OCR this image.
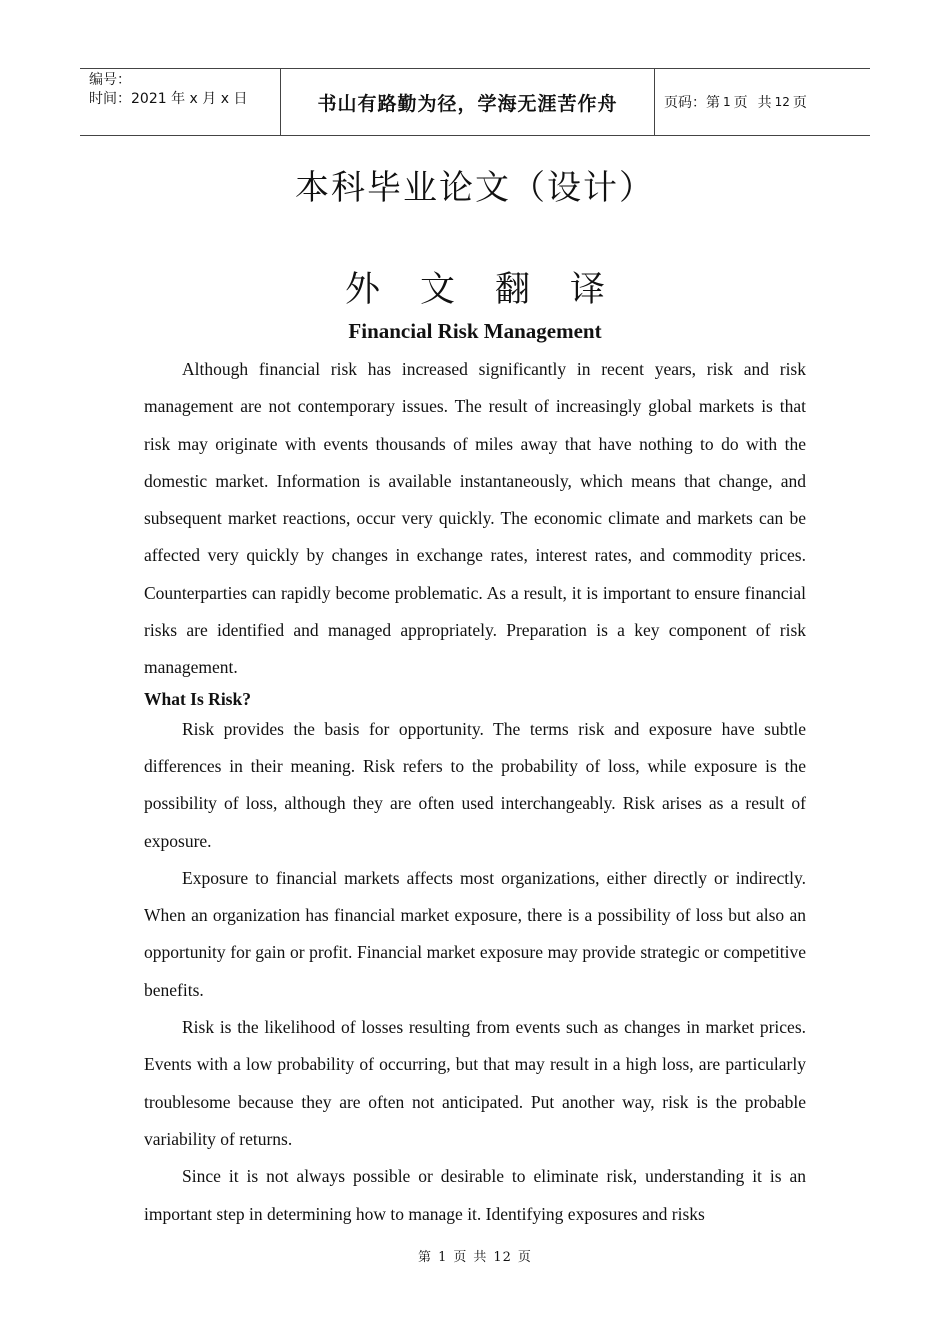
编号：
时间：2021 年 x 月 x 日	书山有路勤为径，学海无涯苦作舟	页码：第 1 页 共 12 页
本科毕业论文（设计）
外文翻译
Financial Risk Management

Although financial risk has increased significantly in recent years, risk and risk management are not contemporary issues. The result of increasingly global markets is that risk may originate with events thousands of miles away that have nothing to do with the domestic market. Information is available instantaneously, which means that change, and subsequent market reactions, occur very quickly. The economic climate and markets can be affected very quickly by changes in exchange rates, interest rates, and commodity prices. Counterparties can rapidly become problematic. As a result, it is important to ensure financial risks are identified and managed appropriately. Preparation is a key component of risk management.

What Is Risk?

Risk provides the basis for opportunity. The terms risk and exposure have subtle differences in their meaning. Risk refers to the probability of loss, while exposure is the possibility of loss, although they are often used interchangeably. Risk arises as a result of exposure.

Exposure to financial markets affects most organizations, either directly or indirectly. When an organization has financial market exposure, there is a possibility of loss but also an opportunity for gain or profit. Financial market exposure may provide strategic or competitive benefits.

Risk is the likelihood of losses resulting from events such as changes in market prices. Events with a low probability of occurring, but that may result in a high loss, are particularly troublesome because they are often not anticipated. Put another way, risk is the probable variability of returns.

Since it is not always possible or desirable to eliminate risk, understanding it is an important step in determining how to manage it. Identifying exposures and risks

第 1 页 共 12 页
